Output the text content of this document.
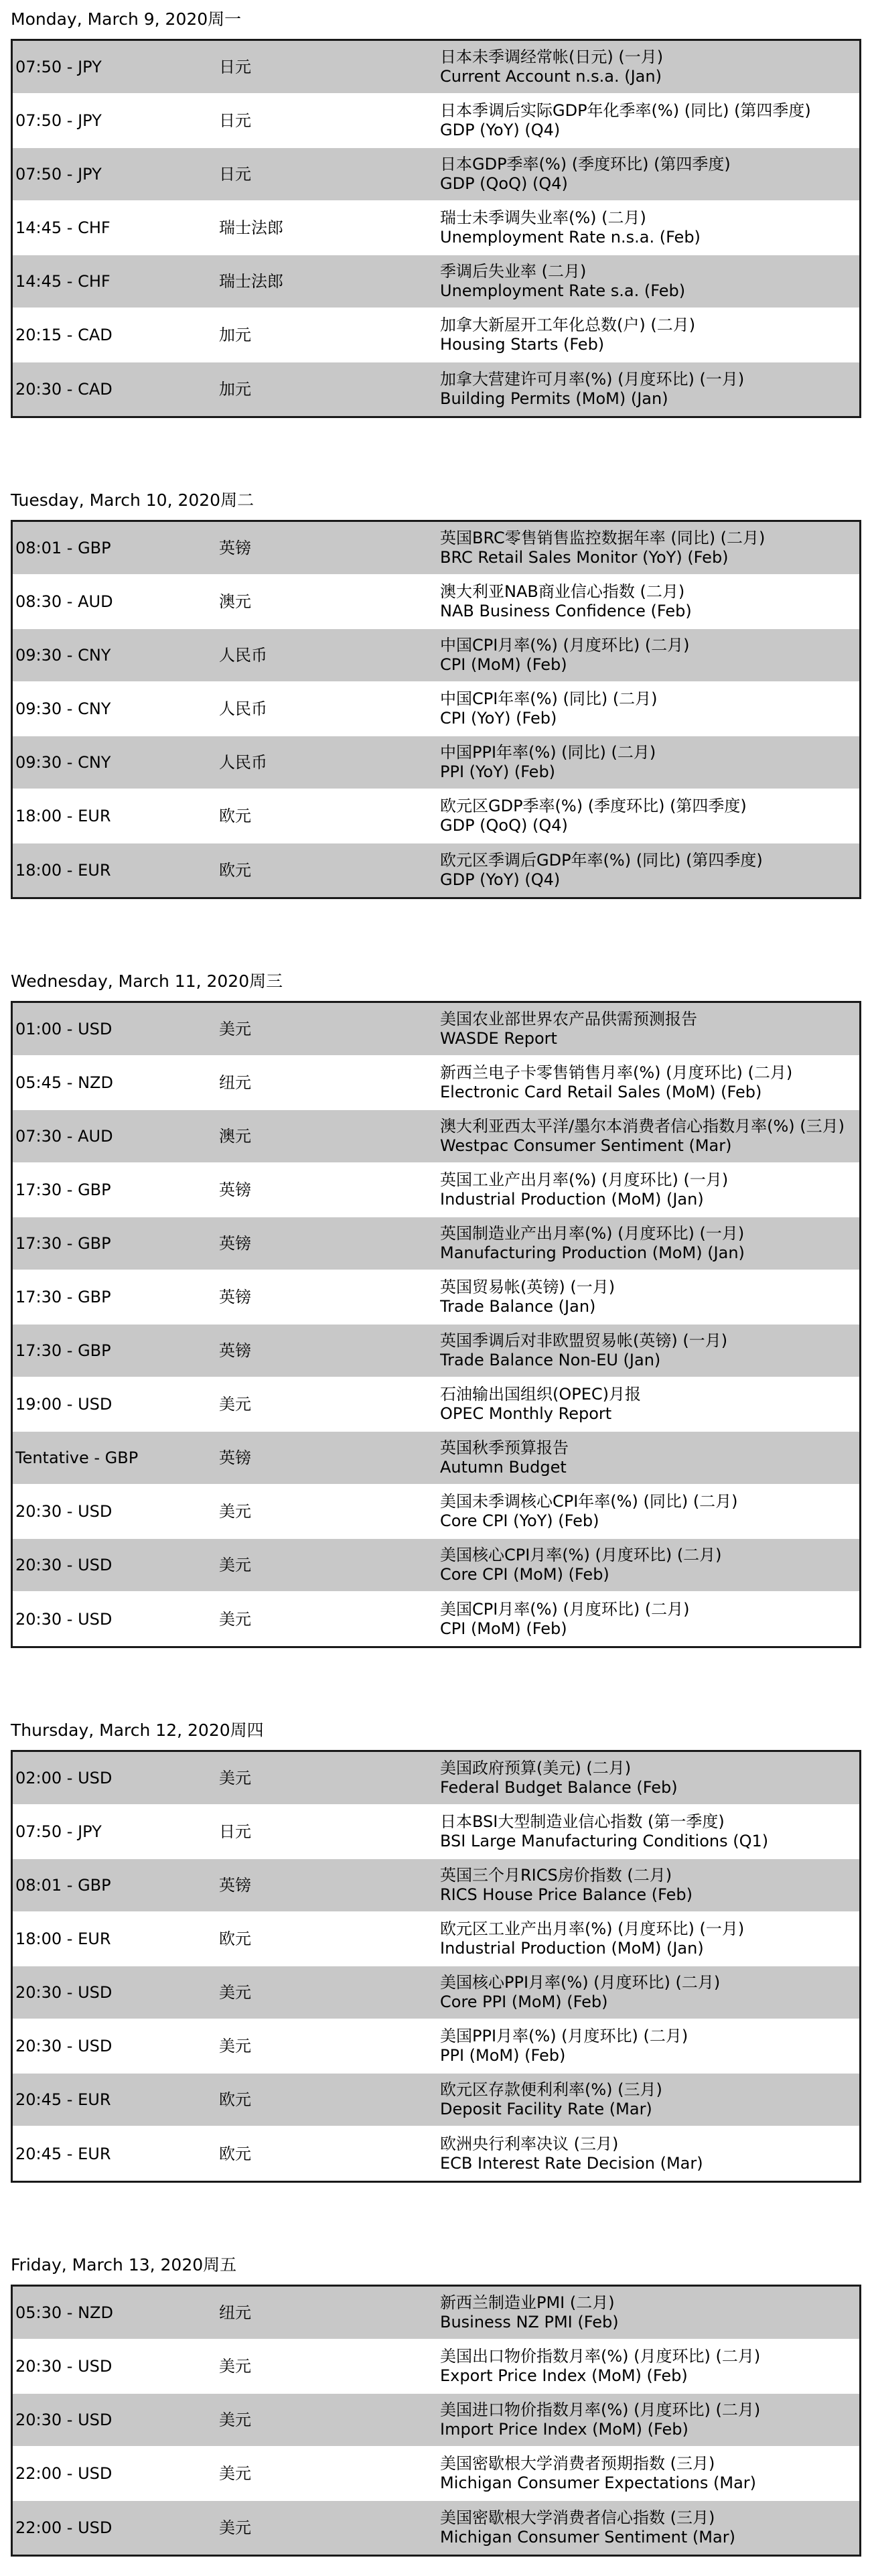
Monday, March 9, 2020周一
07:50 - JPY	日元
日本未季调经常帐(日元) (一月)
Current Account n.s.a. (Jan)
07:50 - JPY	日元
日本季调后实际GDP年化季率(%) (同比) (第四季度)
GDP (YoY) (Q4)
07:50 - JPY	日元
日本GDP季率(%) (季度环比) (第四季度)
GDP (QoQ) (Q4)
14:45 - CHF	瑞士法郎
瑞士未季调失业率(%) (二月)
Unemployment Rate n.s.a. (Feb)
14:45 - CHF	瑞士法郎
季调后失业率 (二月)
Unemployment Rate s.a. (Feb)
20:15 - CAD	加元
加拿大新屋开工年化总数(户) (二月)
Housing Starts (Feb)
20:30 - CAD	加元
加拿大营建许可月率(%) (月度环比) (一月)
Building Permits (MoM) (Jan)
Tuesday, March 10, 2020周二
08:01 - GBP	英镑
英国BRC零售销售监控数据年率 (同比) (二月)
BRC Retail Sales Monitor (YoY) (Feb)
08:30 - AUD	澳元
澳大利亚NAB商业信心指数 (二月)
NAB Business Confidence (Feb)
09:30 - CNY	人民币
中国CPI月率(%) (月度环比) (二月)
CPI (MoM) (Feb)
09:30 - CNY	人民币
中国CPI年率(%) (同比) (二月)
CPI (YoY) (Feb)
09:30 - CNY	人民币
中国PPI年率(%) (同比) (二月)
PPI (YoY) (Feb)
18:00 - EUR	欧元
欧元区GDP季率(%) (季度环比) (第四季度)
GDP (QoQ) (Q4)
18:00 - EUR	欧元
欧元区季调后GDP年率(%) (同比) (第四季度)
GDP (YoY) (Q4)
Wednesday, March 11, 2020周三
01:00 - USD	美元
美国农业部世界农产品供需预测报告
WASDE Report
05:45 - NZD	纽元
新西兰电子卡零售销售月率(%) (月度环比) (二月)
Electronic Card Retail Sales (MoM) (Feb)
07:30 - AUD	澳元
澳大利亚西太平洋/墨尔本消费者信心指数月率(%) (三月)
Westpac Consumer Sentiment (Mar)
17:30 - GBP	英镑
英国工业产出月率(%) (月度环比) (一月)
Industrial Production (MoM) (Jan)
17:30 - GBP	英镑
英国制造业产出月率(%) (月度环比) (一月)
Manufacturing Production (MoM) (Jan)
17:30 - GBP	英镑
英国贸易帐(英镑) (一月)
Trade Balance (Jan)
17:30 - GBP	英镑
英国季调后对非欧盟贸易帐(英镑) (一月)
Trade Balance Non-EU (Jan)
19:00 - USD	美元
石油输出国组织(OPEC)月报
OPEC Monthly Report
Tentative - GBP	英镑
英国秋季预算报告
Autumn Budget
20:30 - USD	美元
美国未季调核心CPI年率(%) (同比) (二月)
Core CPI (YoY) (Feb)
20:30 - USD	美元
美国核心CPI月率(%) (月度环比) (二月)
Core CPI (MoM) (Feb)
20:30 - USD	美元
美国CPI月率(%) (月度环比) (二月)
CPI (MoM) (Feb)
Thursday, March 12, 2020周四
02:00 - USD	美元
美国政府预算(美元) (二月)
Federal Budget Balance (Feb)
07:50 - JPY	日元
日本BSI大型制造业信心指数 (第一季度)
BSI Large Manufacturing Conditions (Q1)
08:01 - GBP	英镑
英国三个月RICS房价指数 (二月)
RICS House Price Balance (Feb)
18:00 - EUR	欧元
欧元区工业产出月率(%) (月度环比) (一月)
Industrial Production (MoM) (Jan)
20:30 - USD	美元
美国核心PPI月率(%) (月度环比) (二月)
Core PPI (MoM) (Feb)
20:30 - USD	美元
美国PPI月率(%) (月度环比) (二月)
PPI (MoM) (Feb)
20:45 - EUR	欧元
欧元区存款便利利率(%) (三月)
Deposit Facility Rate (Mar)
20:45 - EUR	欧元
欧洲央行利率决议 (三月)
ECB Interest Rate Decision (Mar)
Friday, March 13, 2020周五
05:30 - NZD	纽元
新西兰制造业PMI (二月)
Business NZ PMI (Feb)
20:30 - USD	美元
美国出口物价指数月率(%) (月度环比) (二月)
Export Price Index (MoM) (Feb)
20:30 - USD	美元
美国进口物价指数月率(%) (月度环比) (二月)
Import Price Index (MoM) (Feb)
22:00 - USD	美元
美国密歇根大学消费者预期指数 (三月)
Michigan Consumer Expectations (Mar)
22:00 - USD	美元
美国密歇根大学消费者信心指数 (三月)
Michigan Consumer Sentiment (Mar)
